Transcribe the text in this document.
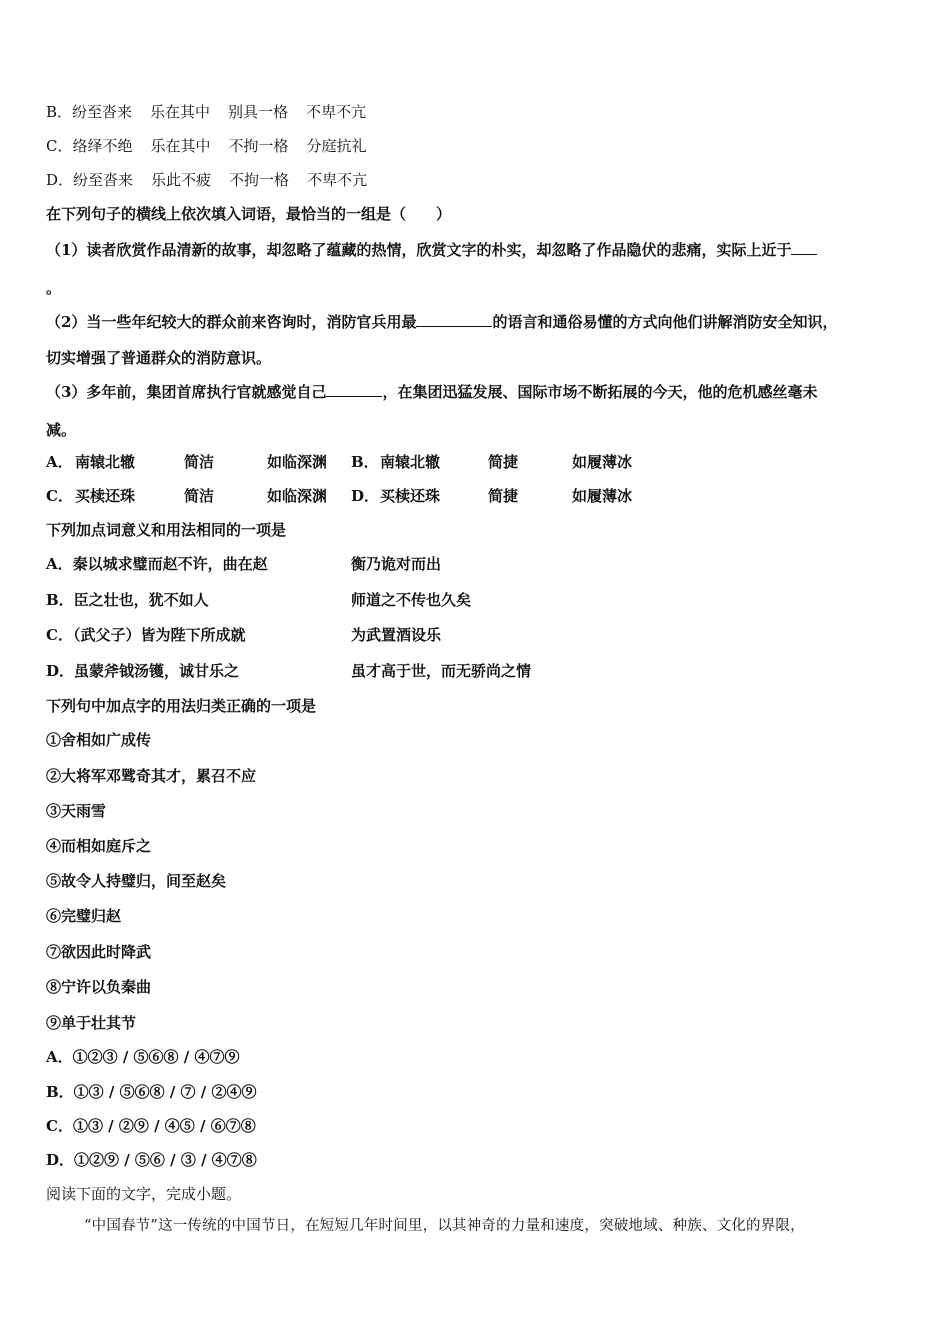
B．纷至沓来 乐在其中 别具一格 不卑不亢
C．络绎不绝 乐在其中 不拘一格 分庭抗礼
D．纷至沓来 乐此不疲 不拘一格 不卑不亢
在下列句子的横线上依次填入词语，最恰当的一组是（　　）
（1）读者欣赏作品清新的故事，却忽略了蕴藏的热情，欣赏文字的朴实，却忽略了作品隐伏的悲痛，实际上近于
。
（2）当一些年纪较大的群众前来咨询时，消防官兵用最	的语言和通俗易懂的方式向他们讲解消防安全知识，
切实增强了普通群众的消防意识。
（3）多年前，集团首席执行官就感觉自己	，在集团迅猛发展、国际市场不断拓展的今天，他的危机感丝毫未
减。
A． 南辕北辙	简洁	如临深渊 B． 南辕北辙	简捷	如履薄冰
C． 买椟还珠	简洁	如临深渊 D． 买椟还珠	简捷	如履薄冰
下列加点词意义和用法相同的一项是
A．秦以城求璧而赵不许，曲在赵	衡乃诡对而出
B．臣之壮也，犹不如人	师道之不传也久矣
C．（武父子）皆为陛下所成就	为武置酒设乐
D．虽蒙斧钺汤镬，诚甘乐之	虽才高于世，而无骄尚之情
下列句中加点字的用法归类正确的一项是
①舍相如广成传
②大将军邓骘奇其才，累召不应
③天雨雪
④而相如庭斥之
⑤故令人持璧归，间至赵矣
⑥完璧归赵
⑦欲因此时降武
⑧宁许以负秦曲
⑨单于壮其节
A．①②③ / ⑤⑥⑧ / ④⑦⑨
B．①③ / ⑤⑥⑧ / ⑦ / ②④⑨
C．①③ / ②⑨ / ④⑤ / ⑥⑦⑧
D．①②⑨ / ⑤⑥ / ③ / ④⑦⑧
阅读下面的文字，完成小题。
“中国春节”这一传统的中国节日，在短短几年时间里，以其神奇的力量和速度，突破地域、种族、文化的界限，
